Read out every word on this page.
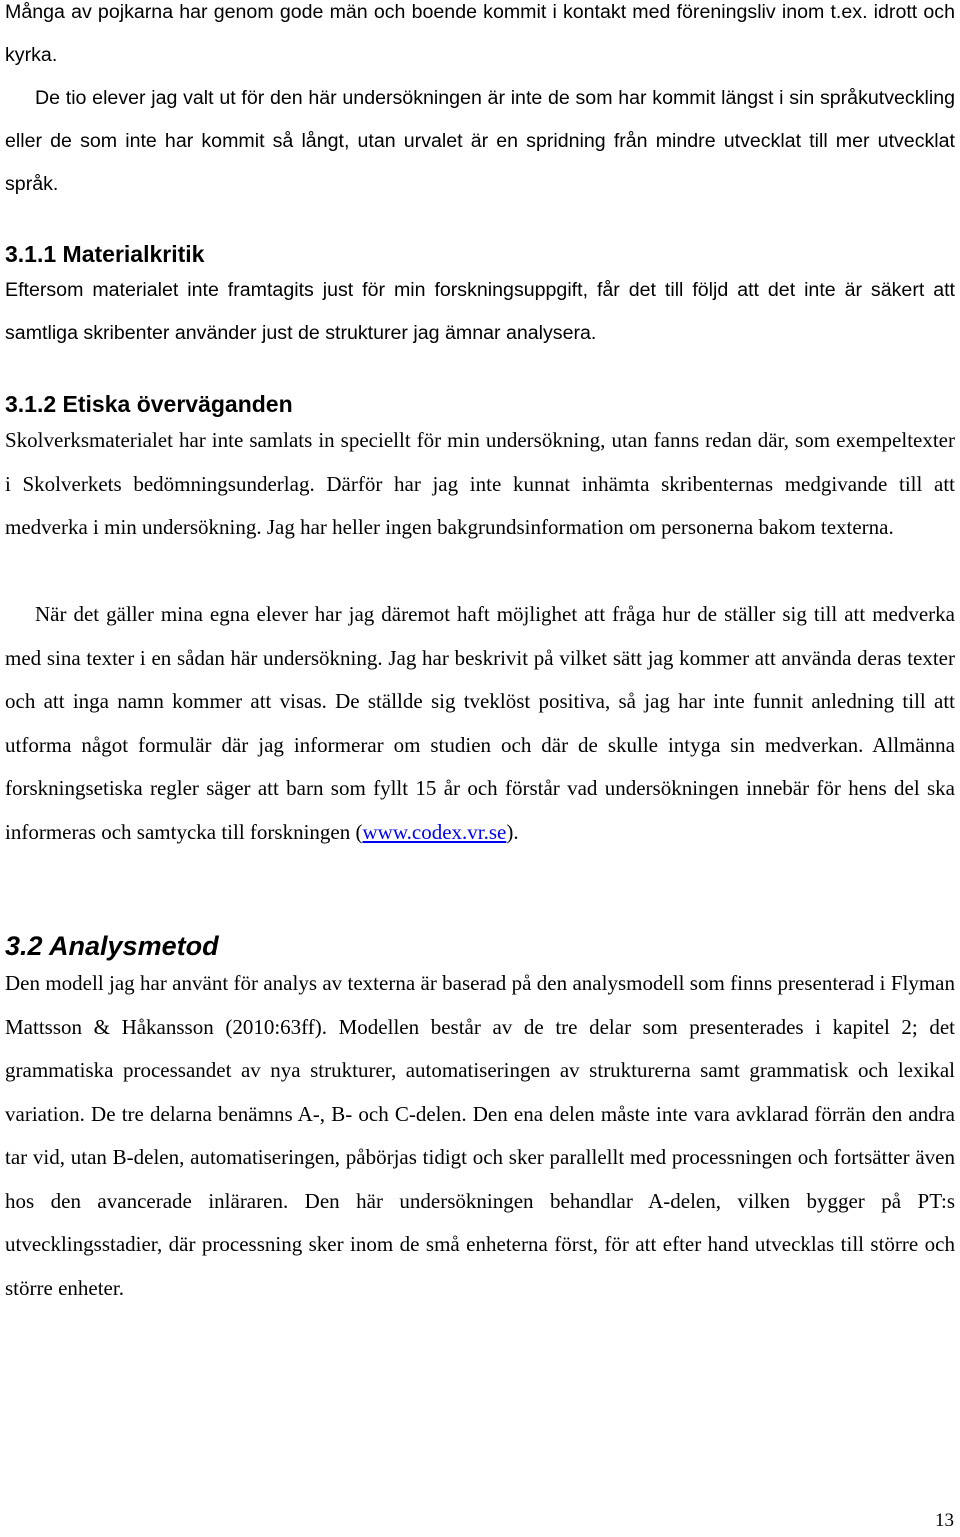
Många av pojkarna har genom gode män och boende kommit i kontakt med föreningsliv inom t.ex. idrott och kyrka.

De tio elever jag valt ut för den här undersökningen är inte de som har kommit längst i sin språkutveckling eller de som inte har kommit så långt, utan urvalet är en spridning från mindre utvecklat till mer utvecklat språk.

3.1.1 Materialkritik

Eftersom materialet inte framtagits just för min forskningsuppgift, får det till följd att det inte är säkert att samtliga skribenter använder just de strukturer jag ämnar analysera.

3.1.2 Etiska överväganden

Skolverksmaterialet har inte samlats in speciellt för min undersökning, utan fanns redan där, som exempeltexter i Skolverkets bedömningsunderlag. Därför har jag inte kunnat inhämta skribenternas medgivande till att medverka i min undersökning. Jag har heller ingen bakgrundsinformation om personerna bakom texterna.

När det gäller mina egna elever har jag däremot haft möjlighet att fråga hur de ställer sig till att medverka med sina texter i en sådan här undersökning. Jag har beskrivit på vilket sätt jag kommer att använda deras texter och att inga namn kommer att visas. De ställde sig tveklöst positiva, så jag har inte funnit anledning till att utforma något formulär där jag informerar om studien och där de skulle intyga sin medverkan. Allmänna forskningsetiska regler säger att barn som fyllt 15 år och förstår vad undersökningen innebär för hens del ska informeras och samtycka till forskningen (www.codex.vr.se).

3.2 Analysmetod

Den modell jag har använt för analys av texterna är baserad på den analysmodell som finns presenterad i Flyman Mattsson & Håkansson (2010:63ff). Modellen består av de tre delar som presenterades i kapitel 2; det grammatiska processandet av nya strukturer, automatiseringen av strukturerna samt grammatisk och lexikal variation. De tre delarna benämns A-, B- och C-delen. Den ena delen måste inte vara avklarad förrän den andra tar vid, utan B-delen, automatiseringen, påbörjas tidigt och sker parallellt med processningen och fortsätter även hos den avancerade inläraren. Den här undersökningen behandlar A-delen, vilken bygger på PT:s utvecklingsstadier, där processning sker inom de små enheterna först, för att efter hand utvecklas till större och större enheter.

13
